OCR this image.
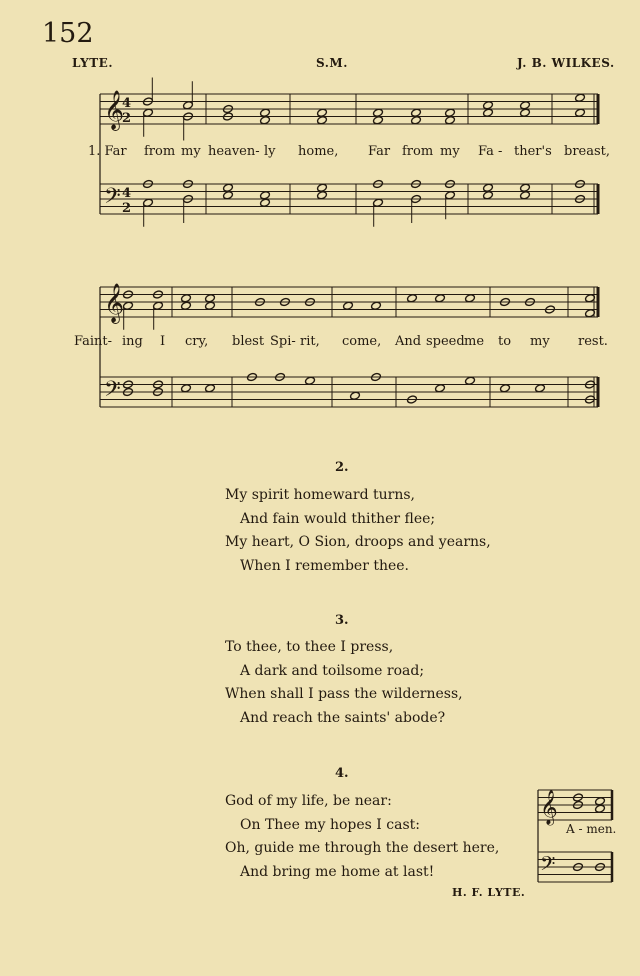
152
LYTE.	S.M.	J. B. WILKES.
𝄞
𝄢
4
2
4
2
𝄞
𝄢
𝄞
𝄢
1. Far from my heaven- ly home, Far from my Fa - ther's breast,
Faint- ing I cry, blest Spi- rit, come, And speed me to my rest.
2.
My spirit homeward turns,
And fain would thither flee;
My heart, O Sion, droops and yearns,
When I remember thee.
3.
To thee, to thee I press,
A dark and toilsome road;
When shall I pass the wilderness,
And reach the saints' abode?
4.
God of my life, be near:
On Thee my hopes I cast:
Oh, guide me through the desert here,
And bring me home at last!
A - men.
H. F. LYTE.
